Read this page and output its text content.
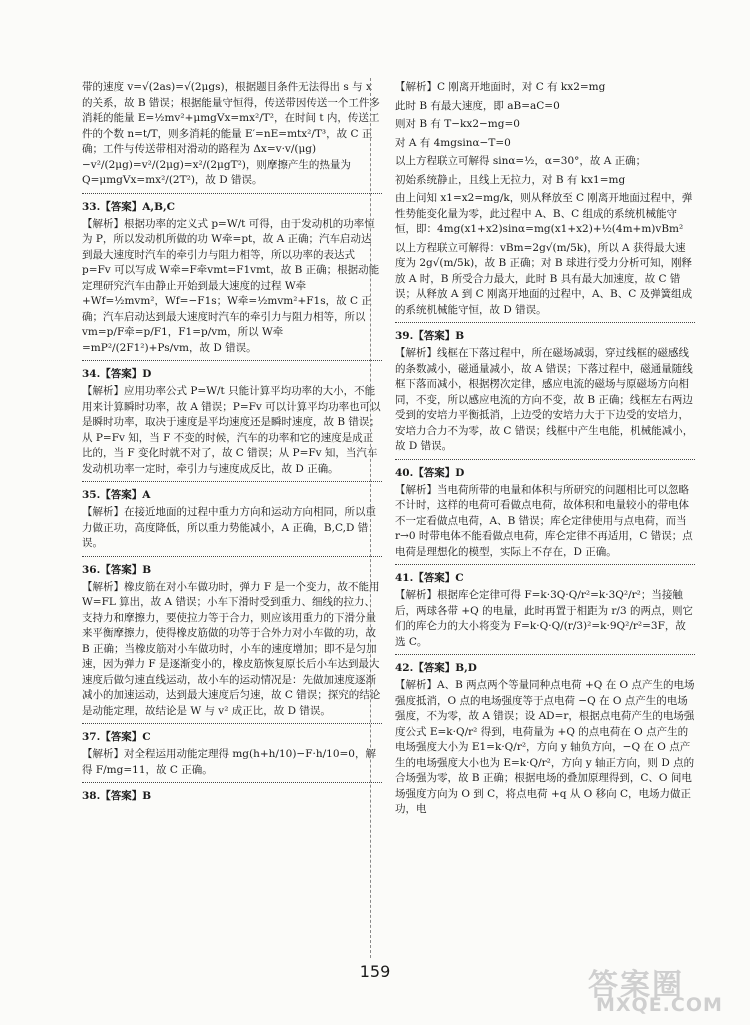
带的速度 v=√(2as)=√(2μgs)，根据题目条件无法得出 s 与 x 的关系，故 B 错误；根据能量守恒得，传送带因传送一个工件多消耗的能量 E=½mv²+μmgVx=mx²/T²，在时间 t 内，传送工件的个数 n=t/T，则多消耗的能量 E′=nE=mtx²/T³，故 C 正确；工件与传送带相对滑动的路程为 Δx=v·v/(μg)−v²/(2μg)=v²/(2μg)=x²/(2μgT²)，则摩擦产生的热量为 Q=μmgVx=mx²/(2T²)，故 D 错误。

33.【答案】A,B,C

【解析】根据功率的定义式 p=W/t 可得，由于发动机的功率恒为 P，所以发动机所做的功 W牵=pt，故 A 正确；汽车启动达到最大速度时汽车的牵引力与阻力相等，所以功率的表达式 p=Fv 可以写成 W牵=F牵vmt=F1vmt，故 B 正确；根据动能定理研究汽车由静止开始到最大速度的过程 W牵+Wf=½mvm²，Wf=−F1s；W牵=½mvm²+F1s，故 C 正确；汽车启动达到最大速度时汽车的牵引力与阻力相等，所以 vm=p/F牵=p/F1，F1=p/vm，所以 W牵=mP²/(2F1²)+Ps/vm，故 D 错误。

34.【答案】D

【解析】应用功率公式 P=W/t 只能计算平均功率的大小，不能用来计算瞬时功率，故 A 错误；P=Fv 可以计算平均功率也可以是瞬时功率，取决于速度是平均速度还是瞬时速度，故 B 错误；从 P=Fv 知，当 F 不变的时候，汽车的功率和它的速度是成正比的，当 F 变化时就不对了，故 C 错误；从 P=Fv 知，当汽车发动机功率一定时，牵引力与速度成反比，故 D 正确。

35.【答案】A

【解析】在接近地面的过程中重力方向和运动方向相同，所以重力做正功，高度降低，所以重力势能减小，A 正确，B,C,D 错误。

36.【答案】B

【解析】橡皮筋在对小车做功时，弹力 F 是一个变力，故不能用 W=FL 算出，故 A 错误；小车下滑时受到重力、细线的拉力、支持力和摩擦力，要使拉力等于合力，则应该用重力的下滑分量来平衡摩擦力，使得橡皮筋做的功等于合外力对小车做的功，故 B 正确；当橡皮筋对小车做功时，小车的速度增加；即不是匀加速，因为弹力 F 是逐渐变小的，橡皮筋恢复原长后小车达到最大速度后做匀速直线运动，故小车的运动情况是：先做加速度逐渐减小的加速运动，达到最大速度后匀速，故 C 错误；探究的结论是动能定理，故结论是 W 与 v² 成正比，故 D 错误。

37.【答案】C

【解析】对全程运用动能定理得 mg(h+h/10)−F·h/10=0，解得 F/mg=11，故 C 正确。

38.【答案】B

【解析】C 刚离开地面时，对 C 有 kx2=mg

此时 B 有最大速度，即 aB=aC=0

则对 B 有 T−kx2−mg=0

对 A 有 4mgsinα−T=0

以上方程联立可解得 sinα=½，α=30°，故 A 正确；

初始系统静止，且线上无拉力，对 B 有 kx1=mg

由上问知 x1=x2=mg/k，则从释放至 C 刚离开地面过程中，弹性势能变化量为零，此过程中 A、B、C 组成的系统机械能守恒，即：4mg(x1+x2)sinα=mg(x1+x2)+½(4m+m)vBm²

以上方程联立可解得：vBm=2g√(m/5k)，所以 A 获得最大速度为 2g√(m/5k)，故 B 正确；对 B 球进行受力分析可知，刚释放 A 时，B 所受合力最大，此时 B 具有最大加速度，故 C 错误；从释放 A 到 C 刚离开地面的过程中，A、B、C 及弹簧组成的系统机械能守恒，故 D 错误。

39.【答案】B

【解析】线框在下落过程中，所在磁场减弱，穿过线框的磁感线的条数减小，磁通量减小，故 A 错误；下落过程中，磁通量随线框下落而减小，根据楞次定律，感应电流的磁场与原磁场方向相同，不变，所以感应电流的方向不变，故 B 正确；线框左右两边受到的安培力平衡抵消，上边受的安培力大于下边受的安培力，安培力合力不为零，故 C 错误；线框中产生电能，机械能减小，故 D 错误。

40.【答案】D

【解析】当电荷所带的电量和体积与所研究的问题相比可以忽略不计时，这样的电荷可看做点电荷，故体积和电量较小的带电体不一定看做点电荷，A、B 错误；库仑定律使用与点电荷，而当 r→0 时带电体不能看做点电荷，库仑定律不再适用，C 错误；点电荷是理想化的模型，实际上不存在，D 正确。

41.【答案】C

【解析】根据库仑定律可得 F=k·3Q·Q/r²=k·3Q²/r²；当接触后，两球各带 +Q 的电量，此时再置于相距为 r/3 的两点，则它们的库仑力的大小将变为 F=k·Q·Q/(r/3)²=k·9Q²/r²=3F，故选 C。

42.【答案】B,D

【解析】A、B 两点两个等量同种点电荷 +Q 在 O 点产生的电场强度抵消，O 点的电场强度等于点电荷 −Q 在 O 点产生的电场强度，不为零，故 A 错误；设 AD=r，根据点电荷产生的电场强度公式 E=k·Q/r² 得到，电荷量为 +Q 的点电荷在 O 点产生的电场强度大小为 E1=k·Q/r²，方向 y 轴负方向，−Q 在 O 点产生的电场强度大小也为 E=k·Q/r²，方向 y 轴正方向，则 D 点的合场强为零，故 B 正确；根据电场的叠加原理得到，C、O 间电场强度方向为 O 到 C，将点电荷 +q 从 O 移向 C，电场力做正功，电

159	答案圈
MXQE.COM
